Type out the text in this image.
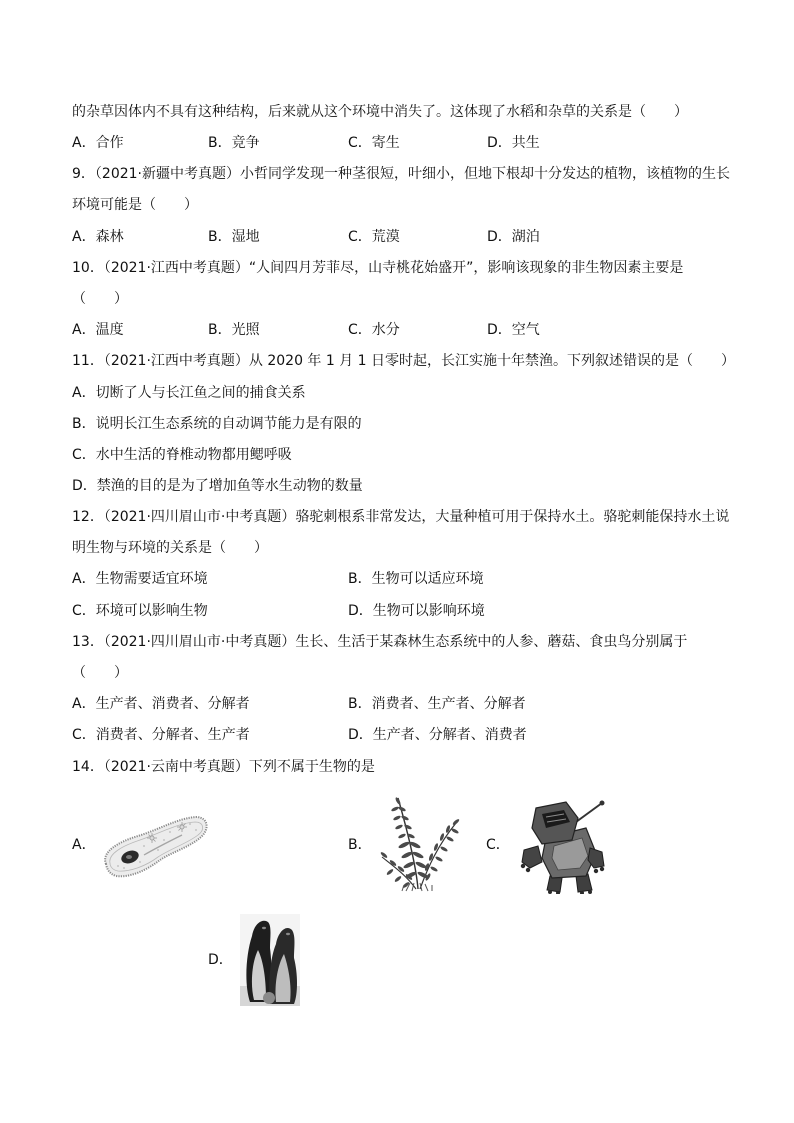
的杂草因体内不具有这种结构，后来就从这个环境中消失了。这体现了水稻和杂草的关系是（　　）
A．合作	B．竞争	C．寄生	D．共生
9．（2021·新疆中考真题）小哲同学发现一种茎很短，叶细小，但地下根却十分发达的植物，该植物的生长
环境可能是（　　）
A．森林	B．湿地	C．荒漠	D．湖泊
10．（2021·江西中考真题）“人间四月芳菲尽，山寺桃花始盛开”，影响该现象的非生物因素主要是
（　　）
A．温度	B．光照	C．水分	D．空气
11．（2021·江西中考真题）从 2020 年 1 月 1 日零时起，长江实施十年禁渔。下列叙述错误的是（　　）
A．切断了人与长江鱼之间的捕食关系
B．说明长江生态系统的自动调节能力是有限的
C．水中生活的脊椎动物都用鳃呼吸
D．禁渔的目的是为了增加鱼等水生动物的数量
12．（2021·四川眉山市·中考真题）骆驼刺根系非常发达，大量种植可用于保持水土。骆驼刺能保持水土说
明生物与环境的关系是（　　）
A．生物需要适宜环境	B．生物可以适应环境
C．环境可以影响生物	D．生物可以影响环境
13．（2021·四川眉山市·中考真题）生长、生活于某森林生态系统中的人参、蘑菇、食虫鸟分别属于
（　　）
A．生产者、消费者、分解者	B．消费者、生产者、分解者
C．消费者、分解者、生产者	D．生产者、分解者、消费者
14．（2021·云南中考真题）下列不属于生物的是
A．	B．	C．
D．
